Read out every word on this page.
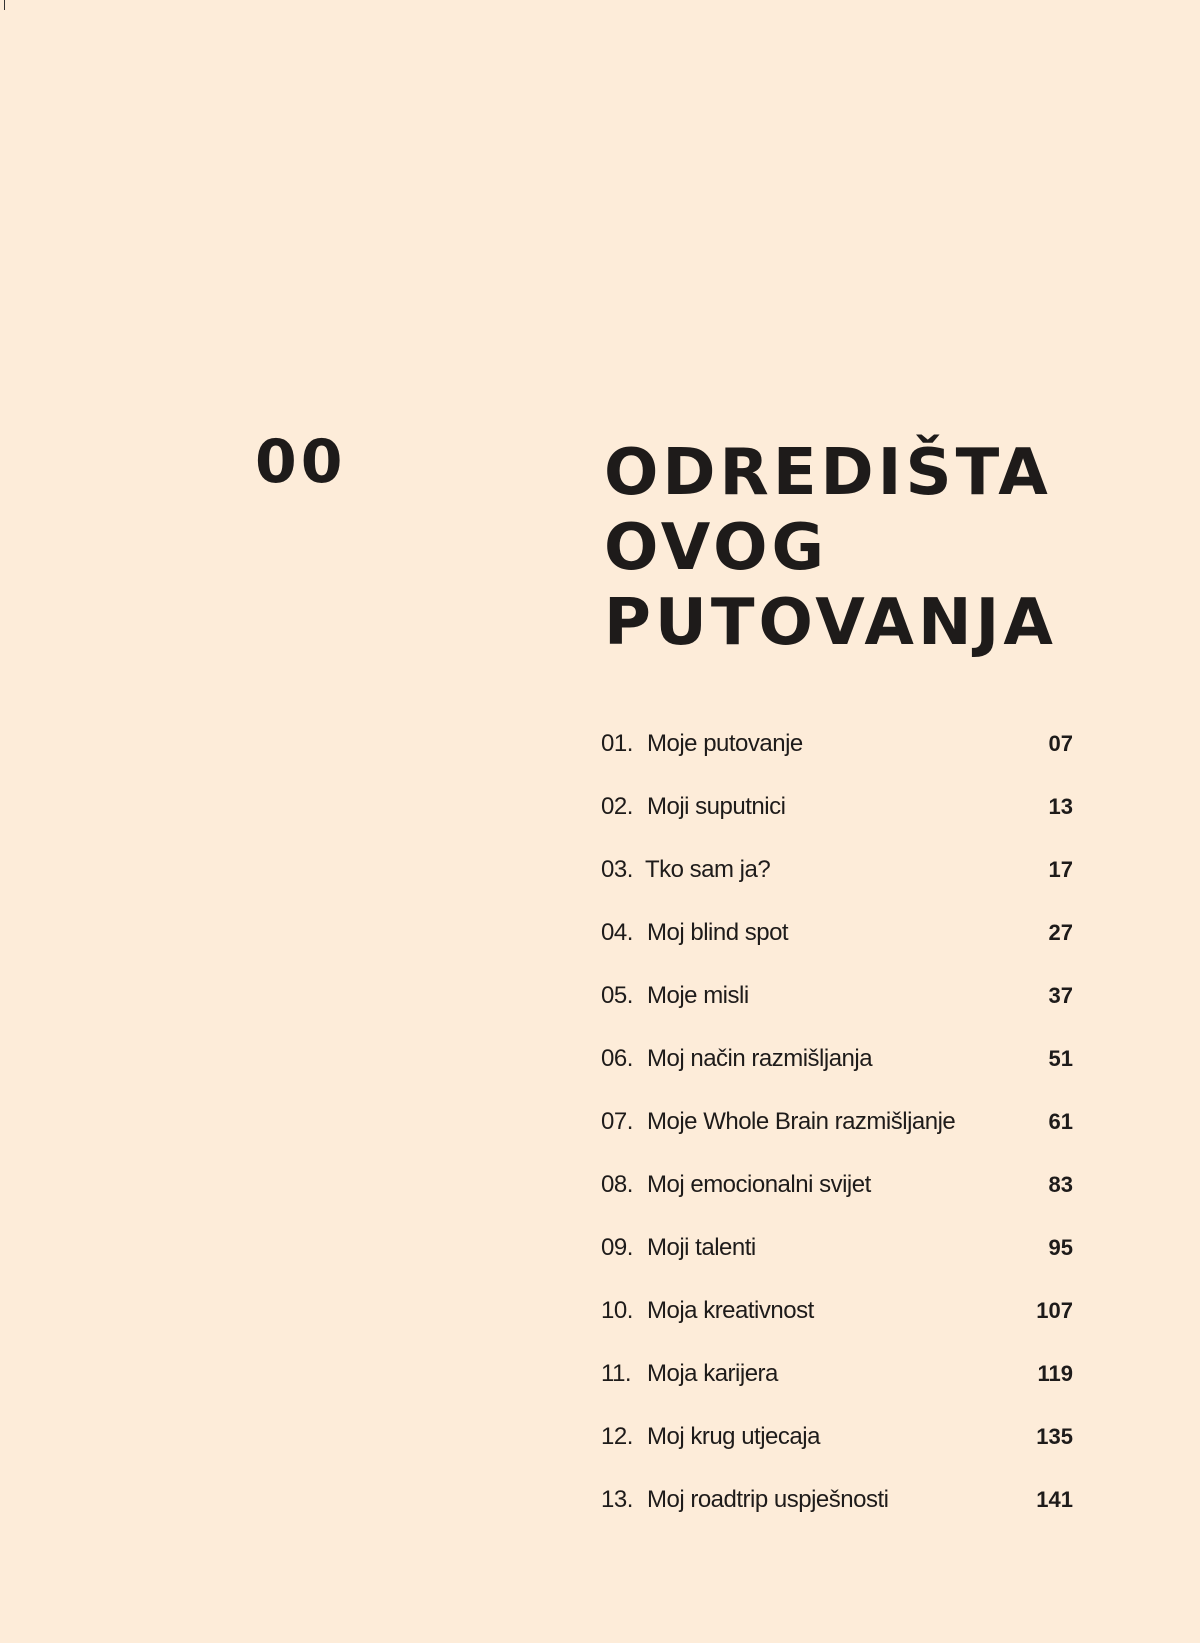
00	ODREDIŠTA
OVOG
PUTOVANJA
01. Moje putovanje	07
02. Moji suputnici	13
03. Tko sam ja?	17
04. Moj blind spot	27
05. Moje misli	37
06. Moj način razmišljanja	51
07. Moje Whole Brain razmišljanje	61
08. Moj emocionalni svijet	83
09. Moji talenti	95
10. Moja kreativnost	107
11. Moja karijera	119
12. Moj krug utjecaja	135
13. Moj roadtrip uspješnosti	141
